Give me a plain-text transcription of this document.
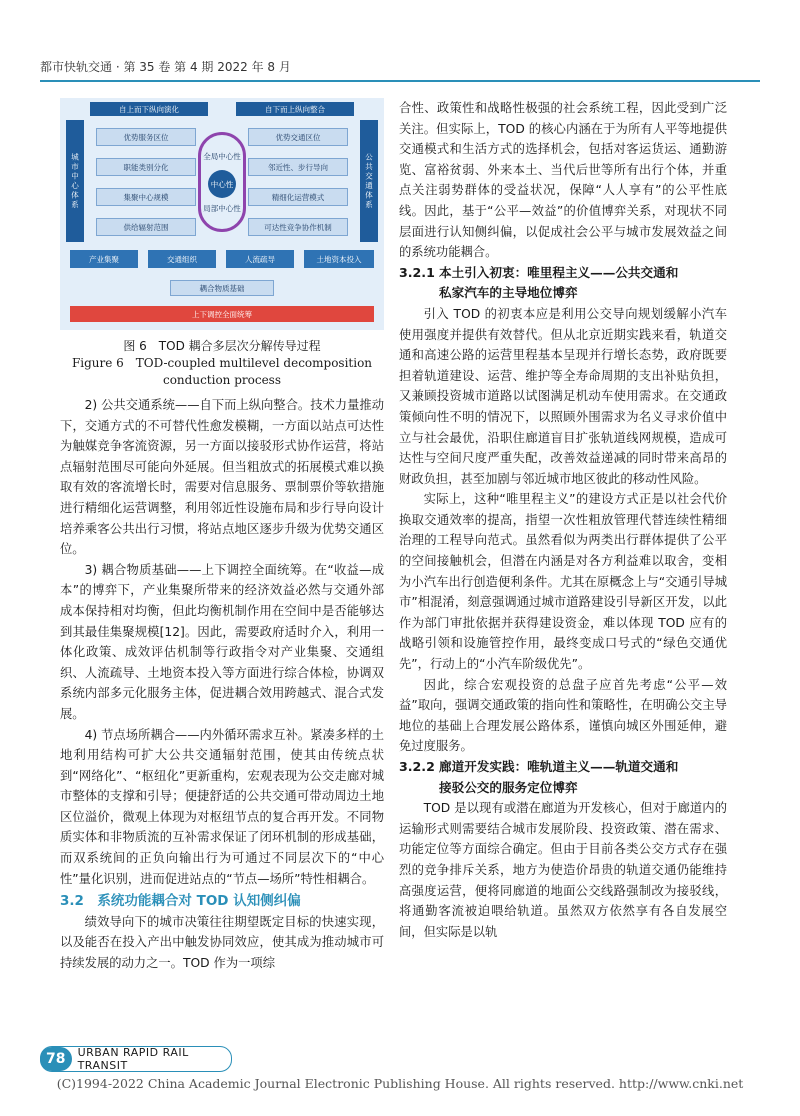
都市快轨交通 · 第 35 卷 第 4 期 2022 年 8 月
自上而下纵向演化	自下而上纵向整合
城市中心体系	公共交通体系
优势服务区位
职能类别分化
集聚中心规模
供给辐射范围
优势交通区位
邻近性、步行导向
精细化运营模式
可达性竞争协作机制
全局中心性
中心性
局部中心性
产业集聚	交通组织	人流疏导	土地资本投入
耦合物质基础
上下调控全面统筹
图 6　TOD 耦合多层次分解传导过程
Figure 6　TOD-coupled multilevel decomposition
conduction process

2) 公共交通系统——自下而上纵向整合。技术力量推动下，交通方式的不可替代性愈发模糊，一方面以站点可达性为触媒竞争客流资源，另一方面以接驳形式协作运营，将站点辐射范围尽可能向外延展。但当粗放式的拓展模式难以换取有效的客流增长时，需要对信息服务、票制票价等软措施进行精细化运营调整，利用邻近性设施布局和步行导向设计培养乘客公共出行习惯，将站点地区逐步升级为优势交通区位。

3) 耦合物质基础——上下调控全面统筹。在“收益—成本”的博弈下，产业集聚所带来的经济效益必然与交通外部成本保持相对均衡，但此均衡机制作用在空间中是否能够达到其最佳集聚规模[12]。因此，需要政府适时介入，利用一体化政策、成效评估机制等行政指令对产业集聚、交通组织、人流疏导、土地资本投入等方面进行综合体检，协调双系统内部多元化服务主体，促进耦合效用跨越式、混合式发展。

4) 节点场所耦合——内外循环需求互补。紧凑多样的土地利用结构可扩大公共交通辐射范围，使其由传统点状到“网络化”、“枢纽化”更新重构，宏观表现为公交走廊对城市整体的支撑和引导；便捷舒适的公共交通可带动周边土地区位溢价，微观上体现为对枢纽节点的复合再开发。不同物质实体和非物质流的互补需求保证了闭环机制的形成基础，而双系统间的正负向输出行为可通过不同层次下的“中心性”量化识别，进而促进站点的“节点—场所”特性相耦合。

3.2　系统功能耦合对 TOD 认知侧纠偏

绩效导向下的城市决策往往期望既定目标的快速实现，以及能否在投入产出中触发协同效应，使其成为推动城市可持续发展的动力之一。TOD 作为一项综

合性、政策性和战略性极强的社会系统工程，因此受到广泛关注。但实际上，TOD 的核心内涵在于为所有人平等地提供交通模式和生活方式的选择机会，包括对客运货运、通勤游览、富裕贫弱、外来本土、当代后世等所有出行个体，并重点关注弱势群体的受益状况，保障“人人享有”的公平性底线。因此，基于“公平—效益”的价值博弈关系，对现状不同层面进行认知侧纠偏，以促成社会公平与城市发展效益之间的系统功能耦合。

3.2.1 本土引入初衷：唯里程主义——公共交通和
私家汽车的主导地位博弈

引入 TOD 的初衷本应是利用公交导向规划缓解小汽车使用强度并提供有效替代。但从北京近期实践来看，轨道交通和高速公路的运营里程基本呈现并行增长态势，政府既要担着轨道建设、运营、维护等全寿命周期的支出补贴负担，又兼顾投资城市道路以试图满足机动车使用需求。在交通政策倾向性不明的情况下，以照顾外围需求为名义寻求价值中立与社会最优，沿职住廊道盲目扩张轨道线网规模，造成可达性与空间尺度严重失配，改善效益递减的同时带来高昂的财政负担，甚至加剧与邻近城市地区彼此的移动性风险。

实际上，这种“唯里程主义”的建设方式正是以社会代价换取交通效率的提高，指望一次性粗放管理代替连续性精细治理的工程导向范式。虽然看似为两类出行群体提供了公平的空间接触机会，但潜在内涵是对各方利益难以取舍，变相为小汽车出行创造便利条件。尤其在原概念上与“交通引导城市”相混淆，刻意强调通过城市道路建设引导新区开发，以此作为部门审批依据并获得建设资金，难以体现 TOD 应有的战略引领和设施管控作用，最终变成口号式的“绿色交通优先”，行动上的“小汽车阶级优先”。

因此，综合宏观投资的总盘子应首先考虑“公平—效益”取向，强调交通政策的指向性和策略性，在明确公交主导地位的基础上合理发展公路体系，谨慎向城区外围延伸，避免过度服务。

3.2.2 廊道开发实践：唯轨道主义——轨道交通和
接驳公交的服务定位博弈

TOD 是以现有或潜在廊道为开发核心，但对于廊道内的运输形式则需要结合城市发展阶段、投资政策、潜在需求、功能定位等方面综合确定。但由于目前各类公交方式存在强烈的竞争排斥关系，地方为使造价昂贵的轨道交通仍能维持高强度运营，便将同廊道的地面公交线路强制改为接驳线，将通勤客流被迫喂给轨道。虽然双方依然享有各自发展空间，但实际是以轨

78	URBAN RAPID RAIL TRANSIT
(C)1994-2022 China Academic Journal Electronic Publishing House. All rights reserved. http://www.cnki.net
